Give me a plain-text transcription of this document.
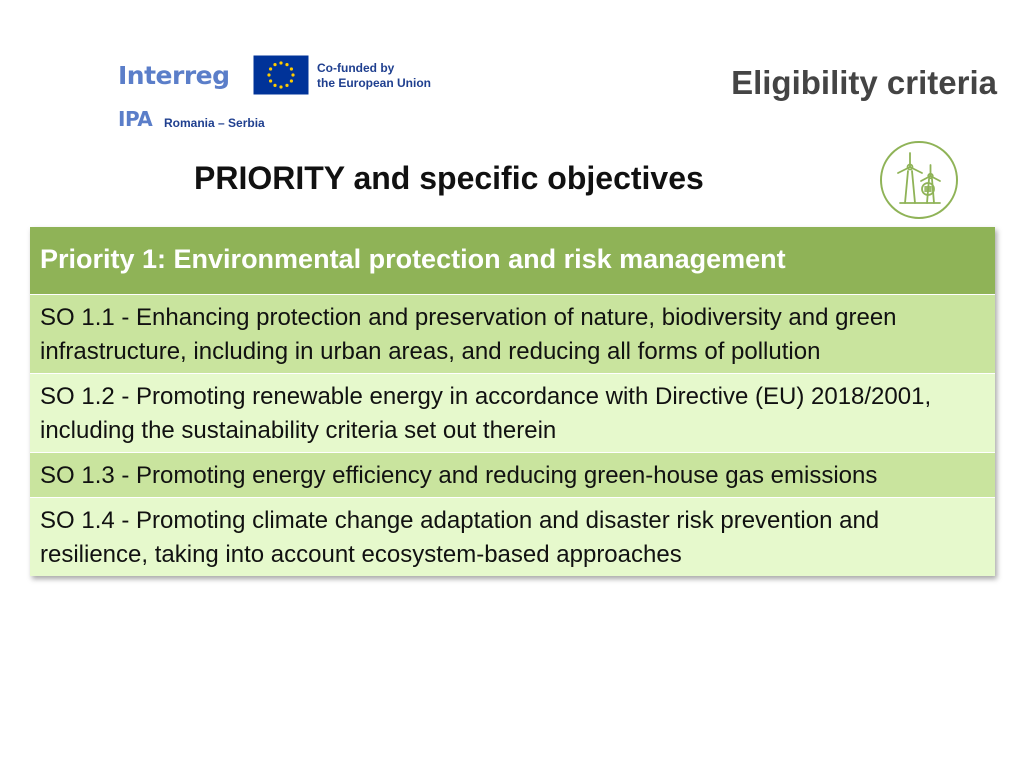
Interreg
IPA Romania – Serbia
Co-funded by
the European Union	Eligibility criteria
PRIORITY and specific objectives
Priority 1: Environmental protection and risk management
SO 1.1 - Enhancing protection and preservation of nature, biodiversity and green infrastructure, including in urban areas, and reducing all forms of pollution
SO 1.2 - Promoting renewable energy in accordance with Directive (EU) 2018/2001, including the sustainability criteria set out therein
SO 1.3 - Promoting energy efficiency and reducing green-house gas emissions
SO 1.4 - Promoting climate change adaptation and disaster risk prevention and resilience, taking into account ecosystem-based approaches
